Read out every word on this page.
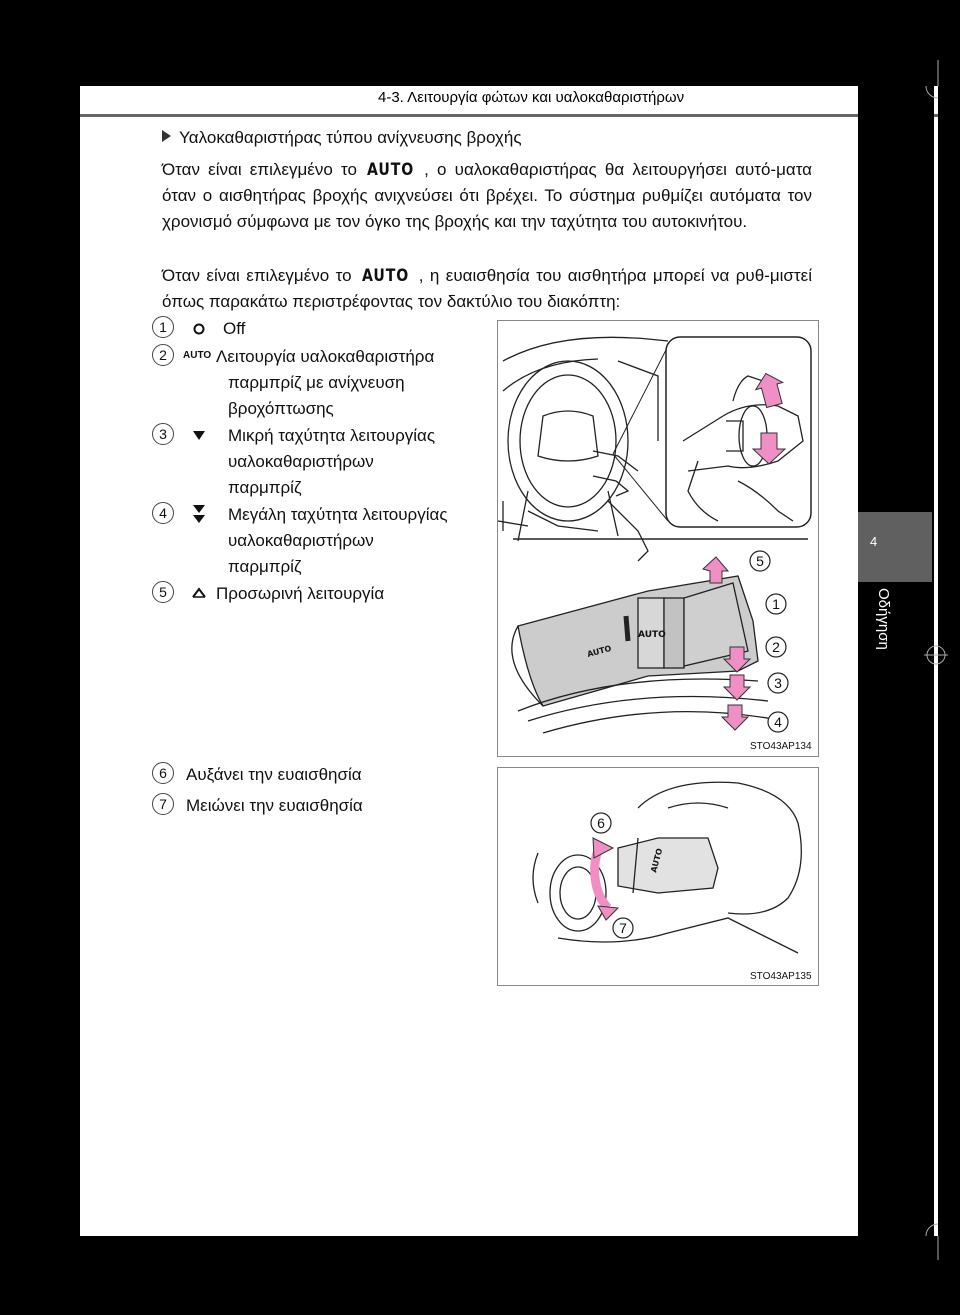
4-3. Λειτουργία φώτων και υαλοκαθαριστήρων
4
Οδήγηση
Υαλοκαθαριστήρας τύπου ανίχνευσης βροχής
Όταν είναι επιλεγμένο το AUTO , ο υαλοκαθαριστήρας θα λειτουργήσει αυτό-ματα όταν ο αισθητήρας βροχής ανιχνεύσει ότι βρέχει. Το σύστημα ρυθμίζει αυτόματα τον χρονισμό σύμφωνα με τον όγκο της βροχής και την ταχύτητα του αυτοκινήτου.
Όταν είναι επιλεγμένο το AUTO , η ευαισθησία του αισθητήρα μπορεί να ρυθ-μιστεί όπως παρακάτω περιστρέφοντας τον δακτύλιο του διακόπτη:
1	Off
2	AUTO Λειτουργία υαλοκαθαριστήρα
παρμπρίζ με ανίχνευση
βροχόπτωσης
3	Μικρή ταχύτητα λειτουργίας
υαλοκαθαριστήρων
παρμπρίζ
4	Μεγάλη ταχύτητα λειτουργίας
υαλοκαθαριστήρων
παρμπρίζ
5	Προσωρινή λειτουργία
6	Αυξάνει την ευαισθησία
7	Μειώνει την ευαισθησία
AUTO
AUTO
5
1
2
3
4
STO43AP134
AUTO
6
7
STO43AP135
